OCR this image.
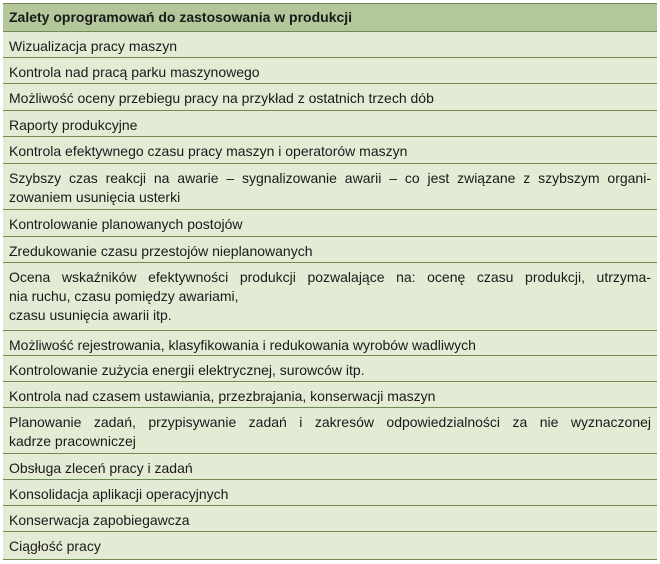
Zalety oprogramowań do zastosowania w produkcji
Wizualizacja pracy maszyn
Kontrola nad pracą parku maszynowego
Możliwość oceny przebiegu pracy na przykład z ostatnich trzech dób
Raporty produkcyjne
Kontrola efektywnego czasu pracy maszyn i operatorów maszyn
Szybszy czas reakcji na awarie – sygnalizowanie awarii – co jest związane z szybszym organi-
zowaniem usunięcia usterki
Kontrolowanie planowanych postojów
Zredukowanie czasu przestojów nieplanowanych
Ocena wskaźników efektywności produkcji pozwalające na: ocenę czasu produkcji, utrzyma-
nia ruchu, czasu pomiędzy awariami,
czasu usunięcia awarii itp.
Możliwość rejestrowania, klasyfikowania i redukowania wyrobów wadliwych
Kontrolowanie zużycia energii elektrycznej, surowców itp.
Kontrola nad czasem ustawiania, przezbrajania, konserwacji maszyn
Planowanie zadań, przypisywanie zadań i zakresów odpowiedzialności za nie wyznaczonej
kadrze pracowniczej
Obsługa zleceń pracy i zadań
Konsolidacja aplikacji operacyjnych
Konserwacja zapobiegawcza
Ciągłość pracy
